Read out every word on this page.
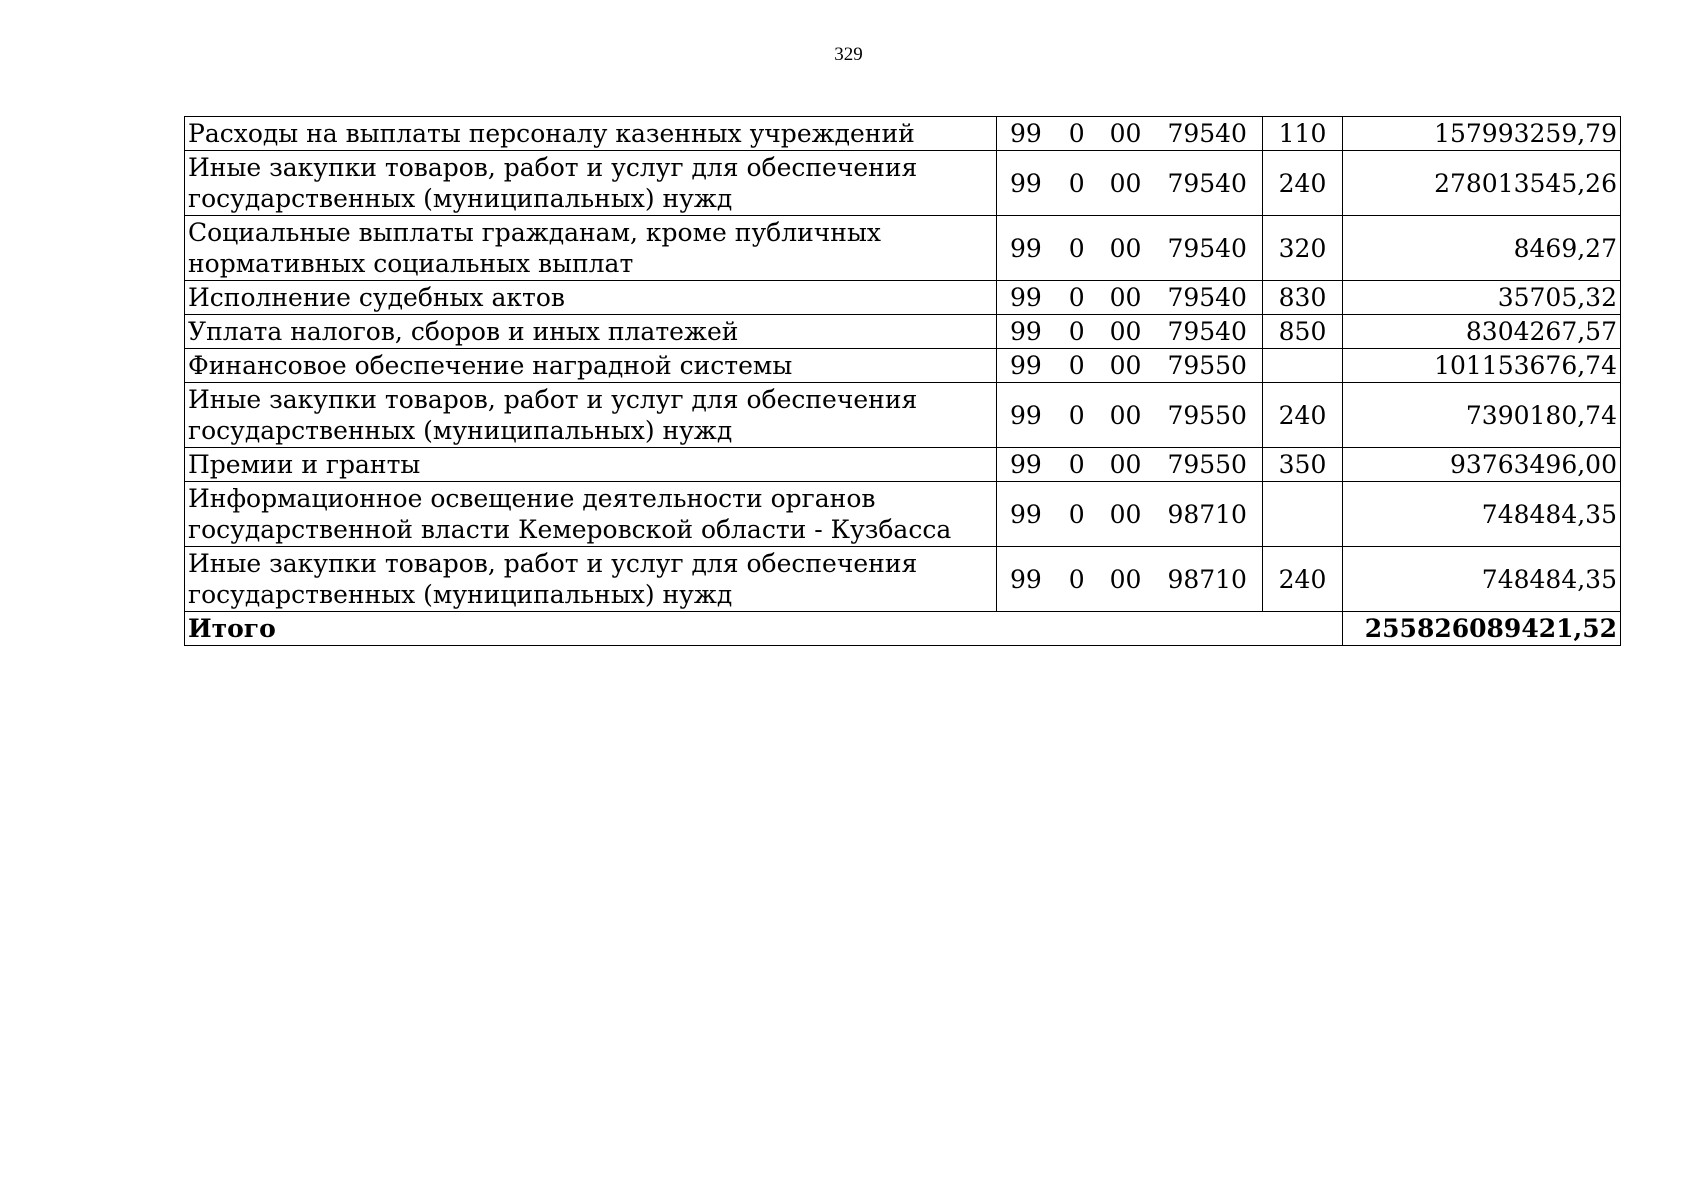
329
Расходы на выплаты персоналу казенных учреждений	99 0 00 79540	110	157993259,79
Иные закупки товаров, работ и услуг для обеспечения государственных (муниципальных) нужд	99 0 00 79540	240	278013545,26
Социальные выплаты гражданам, кроме публичных нормативных социальных выплат	99 0 00 79540	320	8469,27
Исполнение судебных актов	99 0 00 79540	830	35705,32
Уплата налогов, сборов и иных платежей	99 0 00 79540	850	8304267,57
Финансовое обеспечение наградной системы	99 0 00 79550		101153676,74
Иные закупки товаров, работ и услуг для обеспечения государственных (муниципальных) нужд	99 0 00 79550	240	7390180,74
Премии и гранты	99 0 00 79550	350	93763496,00
Информационное освещение деятельности органов государственной власти Кемеровской области - Кузбасса	99 0 00 98710		748484,35
Иные закупки товаров, работ и услуг для обеспечения государственных (муниципальных) нужд	99 0 00 98710	240	748484,35
Итого			255826089421,52
